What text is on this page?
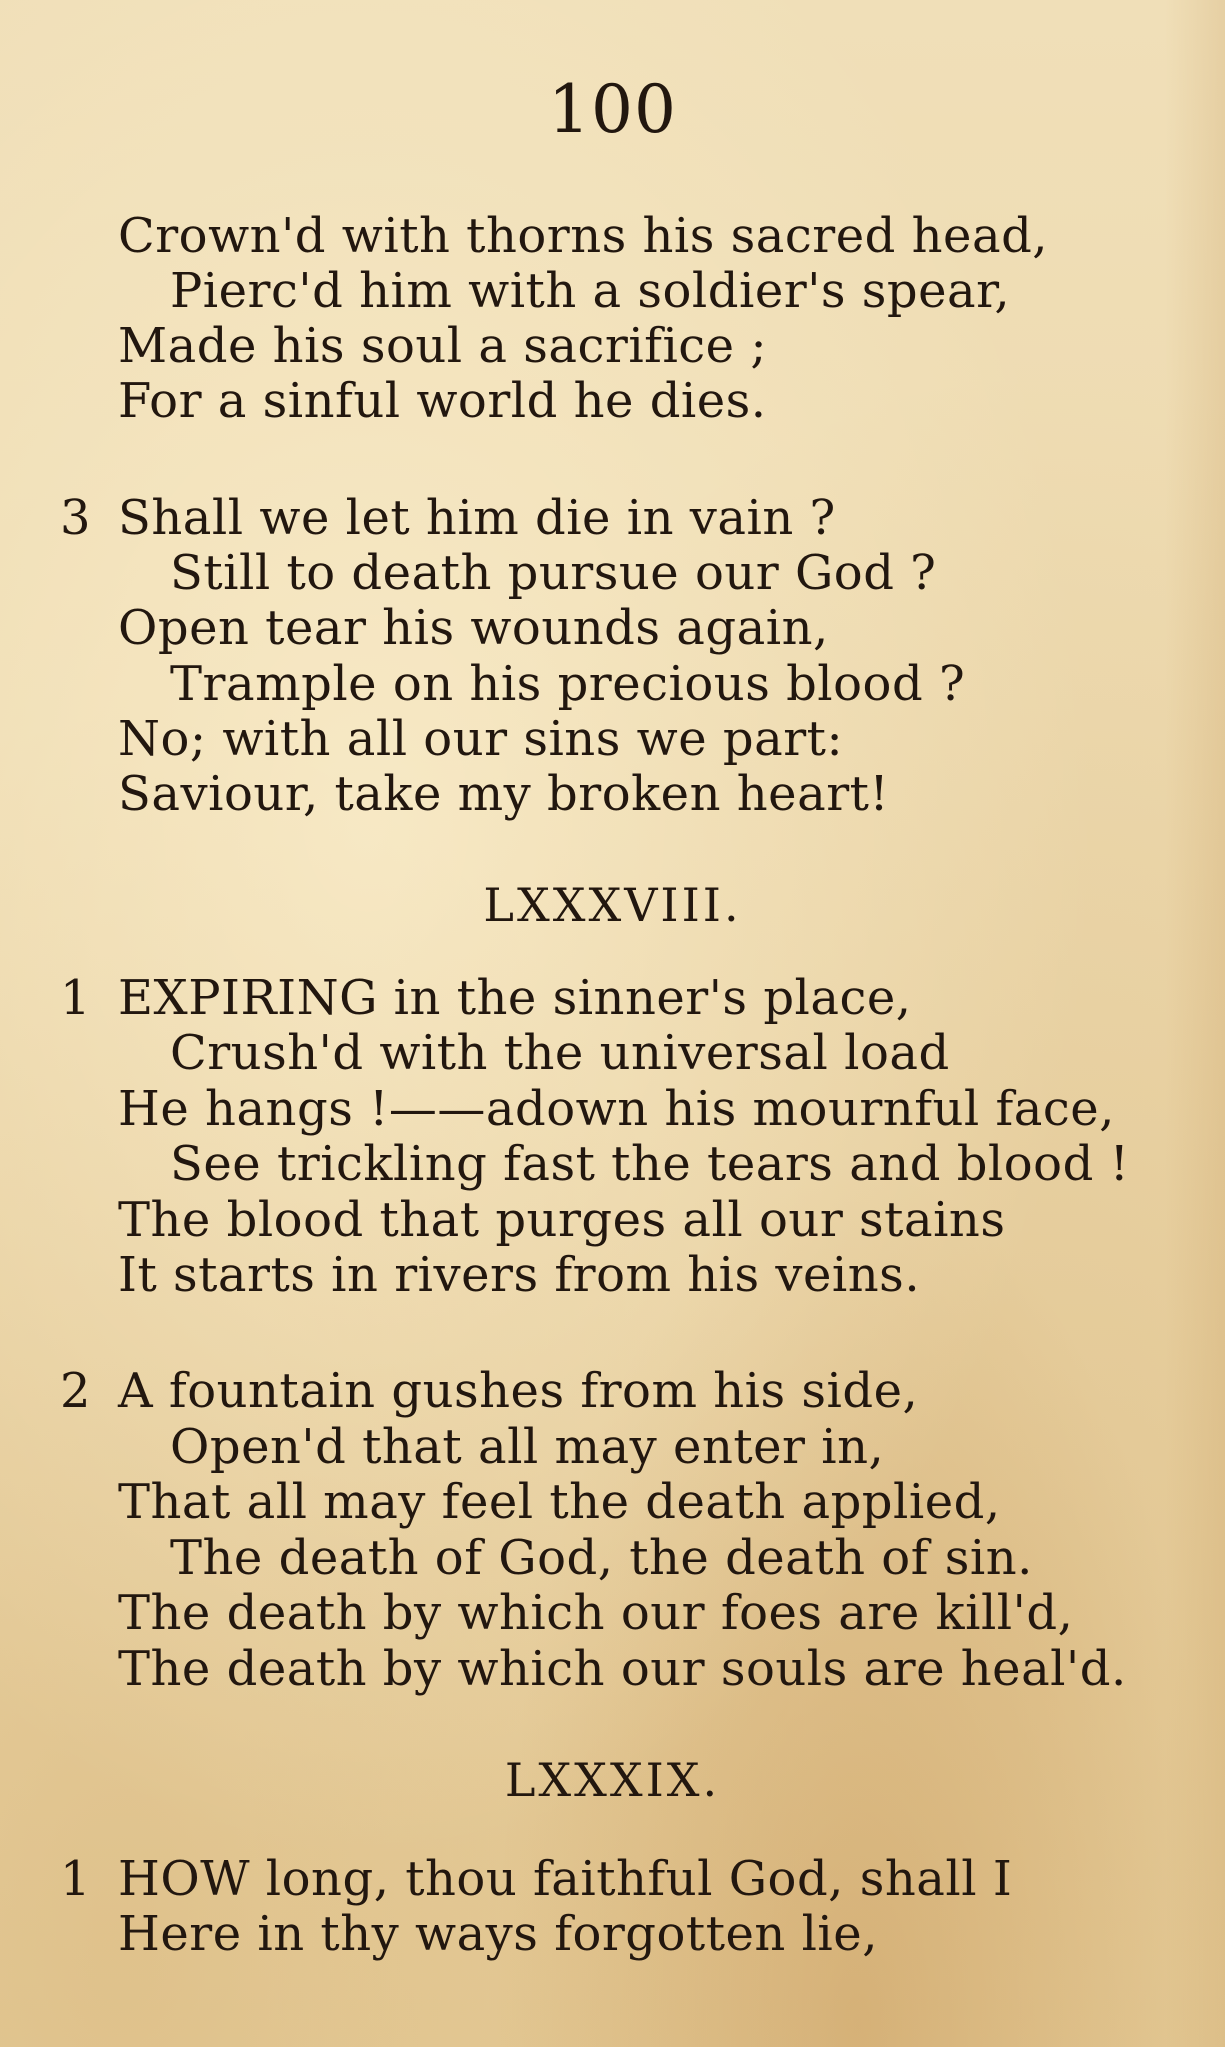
100
Crown'd with thorns his sacred head,
Pierc'd him with a soldier's spear,
Made his soul a sacrifice ;
For a sinful world he dies.
3 Shall we let him die in vain ?
Still to death pursue our God ?
Open tear his wounds again,
Trample on his precious blood ?
No; with all our sins we part:
Saviour, take my broken heart!
LXXXVIII.
1 EXPIRING in the sinner's place,
Crush'd with the universal load
He hangs !——adown his mournful face,
See trickling fast the tears and blood !
The blood that purges all our stains
It starts in rivers from his veins.
2 A fountain gushes from his side,
Open'd that all may enter in,
That all may feel the death applied,
The death of God, the death of sin.
The death by which our foes are kill'd,
The death by which our souls are heal'd.
LXXXIX.
1 HOW long, thou faithful God, shall I
Here in thy ways forgotten lie,
